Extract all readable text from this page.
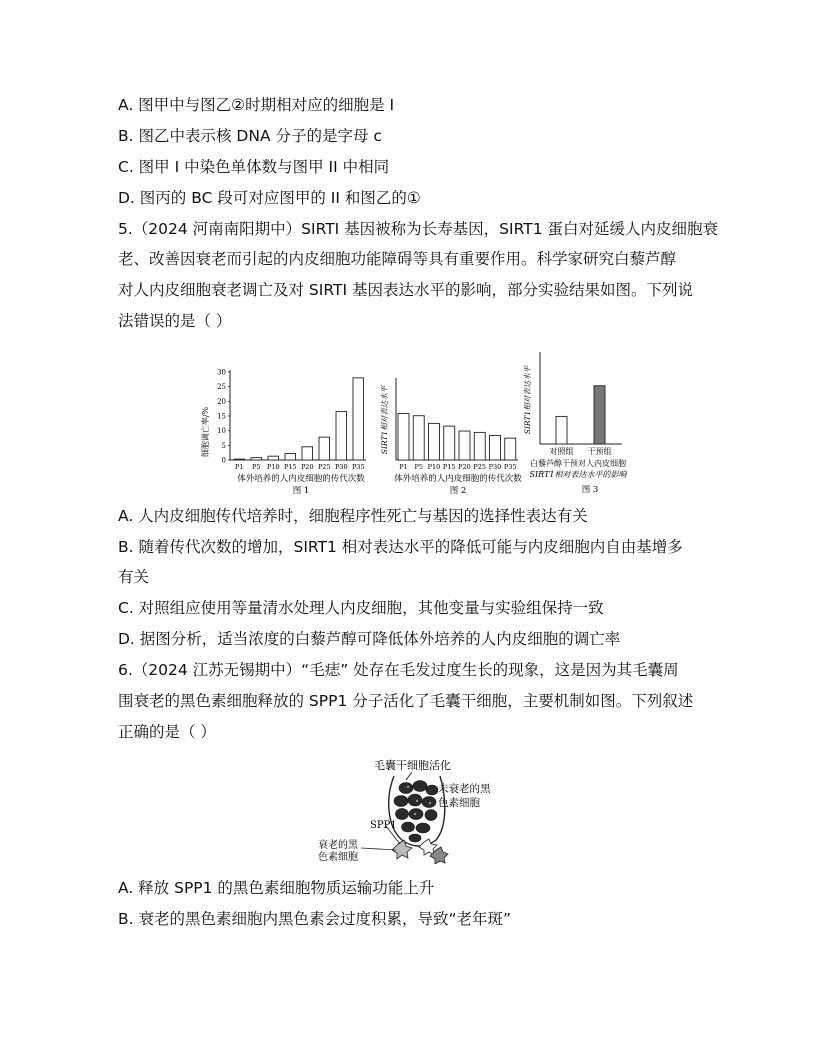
A. 图甲中与图乙②时期相对应的细胞是 I
B. 图乙中表示核 DNA 分子的是字母 c
C. 图甲 I 中染色单体数与图甲 II 中相同
D. 图丙的 BC 段可对应图甲的 II 和图乙的①
5.（2024 河南南阳期中）SIRTI 基因被称为长寿基因，SIRT1 蛋白对延缓人内皮细胞衰
老、改善因衰老而引起的内皮细胞功能障碍等具有重要作用。科学家研究白藜芦醇
对人内皮细胞衰老调亡及对 SIRTI 基因表达水平的影响，部分实验结果如图。下列说
法错误的是（ ）
A. 人内皮细胞传代培养时，细胞程序性死亡与基因的选择性表达有关
B. 随着传代次数的增加，SIRT1 相对表达水平的降低可能与内皮细胞内自由基增多
有关
C. 对照组应使用等量清水处理人内皮细胞，其他变量与实验组保持一致
D. 据图分析，适当浓度的白藜芦醇可降低体外培养的人内皮细胞的调亡率
6.（2024 江苏无锡期中）“毛痣” 处存在毛发过度生长的现象，这是因为其毛囊周
围衰老的黑色素细胞释放的 SPP1 分子活化了毛囊干细胞，主要机制如图。下列叙述
正确的是（ ）
A. 释放 SPP1 的黑色素细胞物质运输功能上升
B. 衰老的黑色素细胞内黑色素会过度积累，导致“老年斑”
0
5
10
15
20
25
30
P1 P5 P10 P15 P20 P25 P30 P35
细胞调亡率/%
体外培养的人内皮细胞的传代次数
图 1
P1 P5 P10 P15 P20 P25 P30 P35
SIRT1相对表达水平
体外培养的人内皮细胞的传代次数
图 2
对照组 干预组
SIRT1相对表达水平
白藜芦醇干预对人内皮细胞
SIRT1相对表达水平的影响
图 3
毛囊干细胞活化
未衰老的黑
色素细胞
SPP1
衰老的黑
色素细胞
